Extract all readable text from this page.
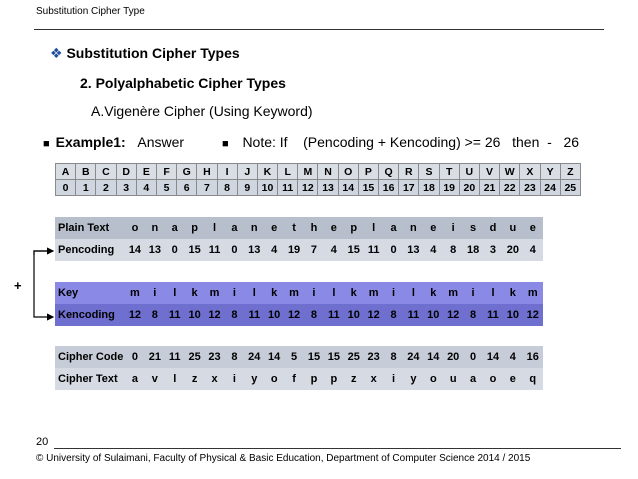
Substitution Cipher Type
❖ Substitution Cipher Types
2. Polyalphabetic Cipher Types
A.Vigenère Cipher (Using Keyword)
■ Example1: Answer	■ Note: If    (Pencoding + Kencoding) >= 26   then  -   26
A	B	C	D	E	F	G	H	I	J	K	L	M	N	O	P	Q	R	S	T	U	V	W	X	Y	Z
0	1	2	3	4	5	6	7	8	9	10	11	12	13	14	15	16	17	18	19	20	21	22	23	24	25
Plain Text	o	n	a	p	l	a	n	e	t	h	e	p	l	a	n	e	i	s	d	u	e
Pencoding	14	13	0	15	11	0	13	4	19	7	4	15	11	0	13	4	8	18	3	20	4
Key	m	i	l	k	m	i	l	k	m	i	l	k	m	i	l	k	m	i	l	k	m
Kencoding	12	8	11	10	12	8	11	10	12	8	11	10	12	8	11	10	12	8	11	10	12
Cipher Code	0	21	11	25	23	8	24	14	5	15	15	25	23	8	24	14	20	0	14	4	16
Cipher Text	a	v	l	z	x	i	y	o	f	p	p	z	x	i	y	o	u	a	o	e	q
+
20
© University of Sulaimani, Faculty of Physical & Basic Education, Department of Computer Science 2014 / 2015
